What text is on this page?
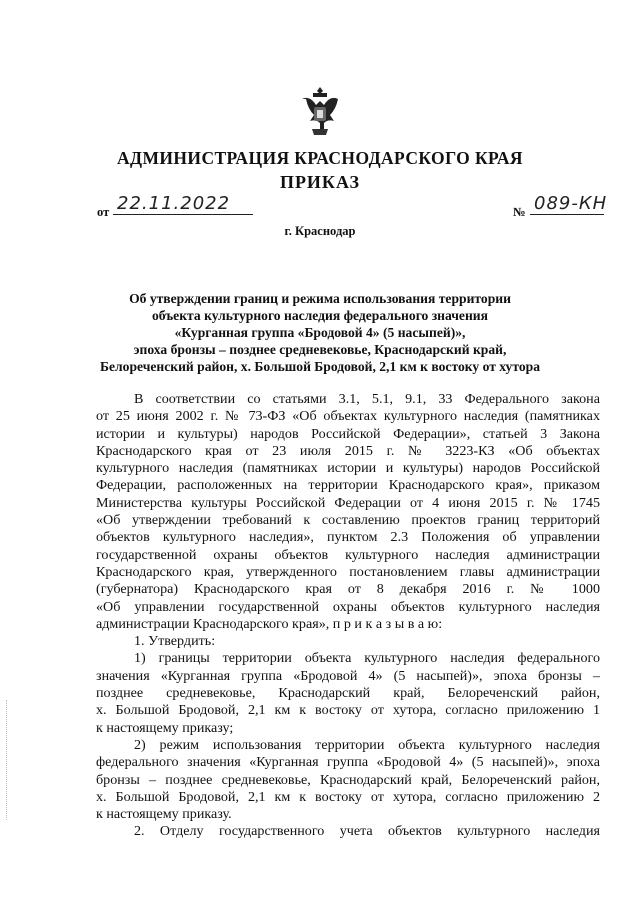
АДМИНИСТРАЦИЯ КРАСНОДАРСКОГО КРАЯ
ПРИКАЗ
от 22.11.2022	№ 089-КН
г. Краснодар
Об утверждении границ и режима использования территории
объекта культурного наследия федерального значения
«Курганная группа «Бродовой 4» (5 насыпей)»,
эпоха бронзы – позднее средневековье, Краснодарский край,
Белореченский район, х. Большой Бродовой, 2,1 км к востоку от хутора
В соответствии со статьями 3.1, 5.1, 9.1, 33 Федерального закона
от 25 июня 2002 г. № 73-ФЗ «Об объектах культурного наследия (памятниках
истории и культуры) народов Российской Федерации», статьей 3 Закона
Краснодарского края от 23 июля 2015 г. № 3223-КЗ «Об объектах
культурного наследия (памятниках истории и культуры) народов Российской
Федерации, расположенных на территории Краснодарского края», приказом
Министерства культуры Российской Федерации от 4 июня 2015 г. № 1745
«Об утверждении требований к составлению проектов границ территорий
объектов культурного наследия», пунктом 2.3 Положения об управлении
государственной охраны объектов культурного наследия администрации
Краснодарского края, утвержденного постановлением главы администрации
(губернатора) Краснодарского края от 8 декабря 2016 г. № 1000
«Об управлении государственной охраны объектов культурного наследия
администрации Краснодарского края», п р и к а з ы в а ю:
1. Утвердить:
1) границы территории объекта культурного наследия федерального
значения «Курганная группа «Бродовой 4» (5 насыпей)», эпоха бронзы –
позднее средневековье, Краснодарский край, Белореченский район,
х. Большой Бродовой, 2,1 км к востоку от хутора, согласно приложению 1
к настоящему приказу;
2) режим использования территории объекта культурного наследия
федерального значения «Курганная группа «Бродовой 4» (5 насыпей)», эпоха
бронзы – позднее средневековье, Краснодарский край, Белореченский район,
х. Большой Бродовой, 2,1 км к востоку от хутора, согласно приложению 2
к настоящему приказу.
2. Отделу государственного учета объектов культурного наследия
